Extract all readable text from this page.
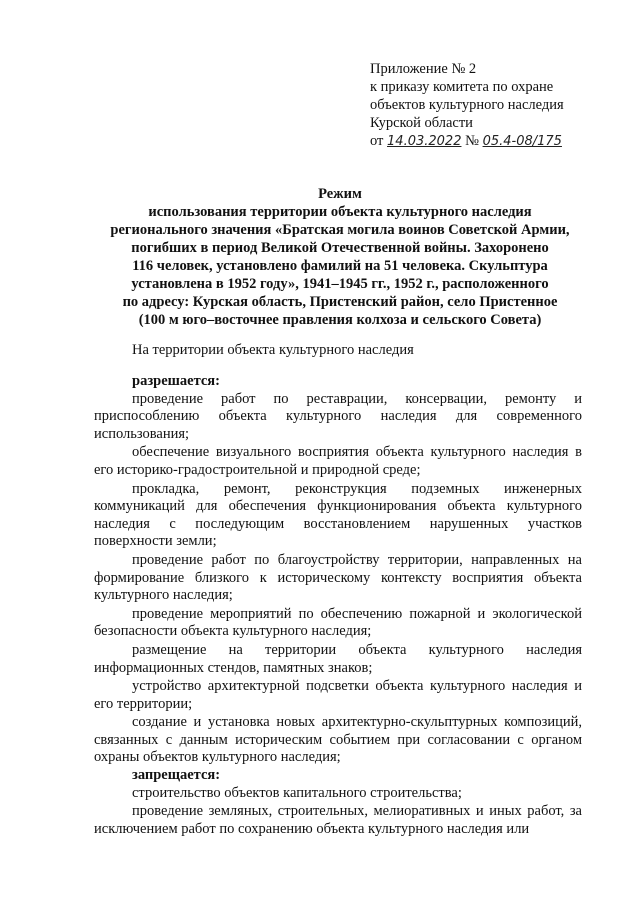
Приложение № 2
к приказу комитета по охране
объектов культурного наследия
Курской области
от 14.03.2022 № 05.4-08/175
Режим
использования территории объекта культурного наследия
регионального значения «Братская могила воинов Советской Армии,
погибших в период Великой Отечественной войны. Захоронено
116 человек, установлено фамилий на 51 человека. Скульптура
установлена в 1952 году», 1941–1945 гг., 1952 г., расположенного
по адресу: Курская область, Пристенский район, село Пристенное
(100 м юго–восточнее правления колхоза и сельского Совета)
На территории объекта культурного наследия

разрешается:

проведение работ по реставрации, консервации, ремонту и приспособлению объекта культурного наследия для современного использования;

обеспечение визуального восприятия объекта культурного наследия в его историко-градостроительной и природной среде;

прокладка, ремонт, реконструкция подземных инженерных коммуникаций для обеспечения функционирования объекта культурного наследия с последующим восстановлением нарушенных участков поверхности земли;

проведение работ по благоустройству территории, направленных на формирование близкого к историческому контексту восприятия объекта культурного наследия;

проведение мероприятий по обеспечению пожарной и экологической безопасности объекта культурного наследия;

размещение на территории объекта культурного наследия информационных стендов, памятных знаков;

устройство архитектурной подсветки объекта культурного наследия и его территории;

создание и установка новых архитектурно-скульптурных композиций, связанных с данным историческим событием при согласовании с органом охраны объектов культурного наследия;

запрещается:

строительство объектов капитального строительства;

проведение земляных, строительных, мелиоративных и иных работ, за исключением работ по сохранению объекта культурного наследия или
